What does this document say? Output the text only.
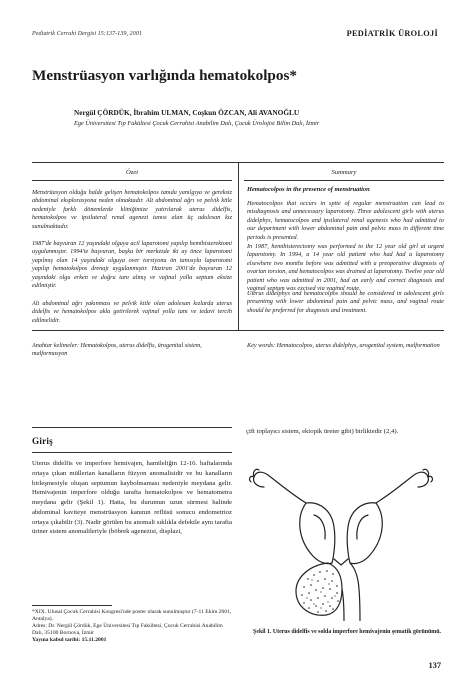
Pediatrik Cerrahi Dergisi 15:137-139, 2001	PEDİATRİK ÜROLOJİ
Menstrüasyon varlığında hematokolpos*
Nergül ÇÖRDÜK, İbrahim ULMAN, Coşkun ÖZCAN, Ali AVANOĞLU
Ege Üniversitesi Tıp Fakültesi Çocuk Cerrahisi Anabilim Dalı, Çocuk Ürolojisi Bilim Dalı, İzmir
Özet

Menstrüasyon olduğu halde gelişen hematokolpos tanıda yanılgıya ve gereksiz abdominal eksplorasyona neden olmaktadır. Alt abdominal ağrı ve pelvik kitle nedeniyle farklı dönemlerde kliniğimize yatırılarak uterus didelfis, hematokolpos ve ipsilateral renal agenezi tanısı alan üç adolesan kız sunulmaktadır.

1987'de başvuran 12 yaşındaki olguya acil laparotomi yapılıp hemihisterektomi uygulanmıştır. 1994'te başvuran, başka bir merkezde iki ay önce laparotomi yapılmış olan 14 yaşındaki olguya over torsiyonu ön tanısıyla laparotomi yapılıp hematokolpos drenajı uygulanmıştır. Haziran 2001'de başvuran 12 yaşındaki olgu erken ve doğru tanı almış ve vajinal yolla septum eksize edilmiştir.

Alt abdominal ağrı yakınması ve pelvik kitle olan adolesan kızlarda uterus didelfis ve hematokolpos akla getirilerek vajinal yolla tanı ve tedavi tercih edilmelidir.

Anahtar kelimeler: Hematokolpos, uterus didelfis, ürogenital sistem, malformasyon

Summary
Hematocolpos in the presence of menstruation

Hematocolpos that occurs in spite of regular menstruation can lead to misdiagnosis and unnecessary laparotomy. Three adolescent girls with uterus didelphys, hematocolpos and ipsilateral renal agenesis who had admitted to our department with lower abdominal pain and pelvic mass in different time periods is presented.

In 1987, hemihisterectomy was performed to the 12 year old girl at urgent laparotomy. In 1994, a 14 year old patient who had had a laparotomy elsewhere two months before was admitted with a preoperative diagnosis of ovarian torsion, and hematocolpos was drained at laparotomy. Twelve year old patient who was admitted in 2001, had an early and correct diagnosis and vaginal septum was excised via vaginal route.

Uterus didelphys and hematocolpos should be considered in adolescent girls presenting with lower abdominal pain and pelvic mass, and vaginal route should be preferred for diagnosis and treatment.

Key words: Hematocolpos, uterus didelphys, urogenital system, malformation

Giriş

Uterus didelfis ve imperfore hemivajen, hamileliğin 12-16. haftalarında ortaya çıkan müllerian kanalların füzyon anomalisidir ve bu kanalların birleşmesiyle oluşan septumun kaybolmaması nedeniyle meydana gelir. Hemivajenin imperfore olduğu tarafta hematokolpos ve hematometra meydana gelir (Şekil 1). Hatta, bu durumun uzun sürmesi halinde abdominal kaviteye menstrüasyon kanının reflüsü sonucu endometrioz ortaya çıkabilir (3). Nadir görülen bu anomali sıklıkla defektle aynı tarafta üriner sistem anomalileriyle (böbrek agenezisi, displazi,

*XIX. Ulusal Çocuk Cerrahisi Kongresi'nde poster olarak sunulmuştur (7-11 Ekim 2001, Antalya).

Adres: Dr. Nergül Çördük, Ege Üniversitesi Tıp Fakültesi, Çocuk Cerrahisi Anabilim Dalı, 35100 Bornova, İzmir

Yayına kabul tarihi: 15.11.2001

çift toplayıcı sistem, ektopik üreter gibi) birliktedir (2,4).

Şekil 1. Uterus didelfis ve solda imperfore hemivajenin şematik görünümü.

137
